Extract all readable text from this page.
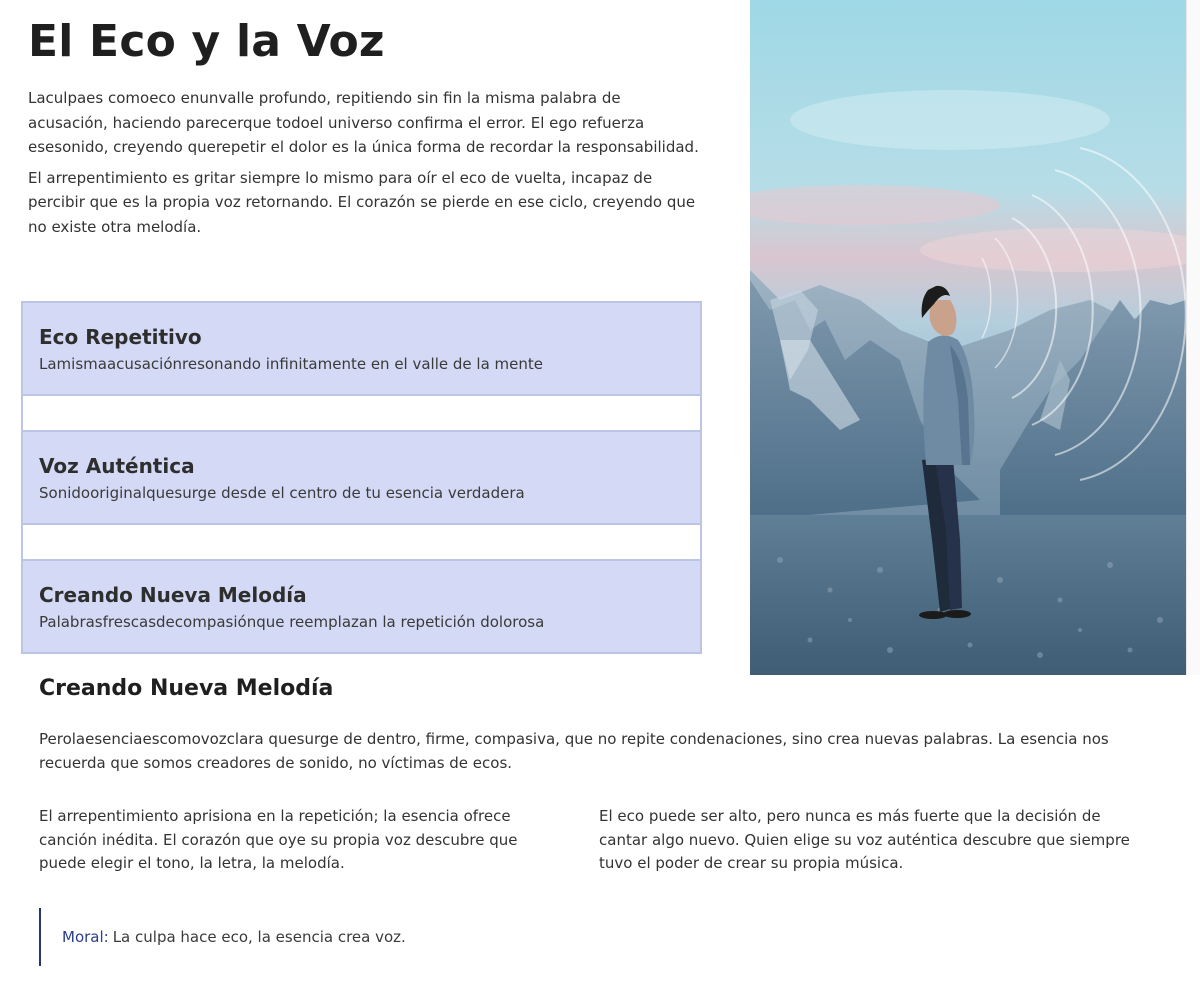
El Eco y la Voz

Laculpaes comoeco enunvalle profundo, repitiendo sin fin la misma palabra de acusación, haciendo parecerque todoel universo confirma el error. El ego refuerza esesonido, creyendo querepetir el dolor es la única forma de recordar la responsabilidad.

El arrepentimiento es gritar siempre lo mismo para oír el eco de vuelta, incapaz de percibir que es la propia voz retornando. El corazón se pierde en ese ciclo, creyendo que no existe otra melodía.

Eco Repetitivo
Lamismaacusaciónresonando infinitamente en el valle de la mente
Voz Auténtica
Sonidooriginalquesurge desde el centro de tu esencia verdadera
Creando Nueva Melodía
Palabrasfrescasdecompasiónque reemplazan la repetición dolorosa
Creando Nueva Melodía

Perolaesenciaescomovozclara quesurge de dentro, firme, compasiva, que no repite condenaciones, sino crea nuevas palabras. La esencia nos recuerda que somos creadores de sonido, no víctimas de ecos.

El arrepentimiento aprisiona en la repetición; la esencia ofrece canción inédita. El corazón que oye su propia voz descubre que puede elegir el tono, la letra, la melodía.

El eco puede ser alto, pero nunca es más fuerte que la decisión de cantar algo nuevo. Quien elige su voz auténtica descubre que siempre tuvo el poder de crear su propia música.

Moral: La culpa hace eco, la esencia crea voz.
